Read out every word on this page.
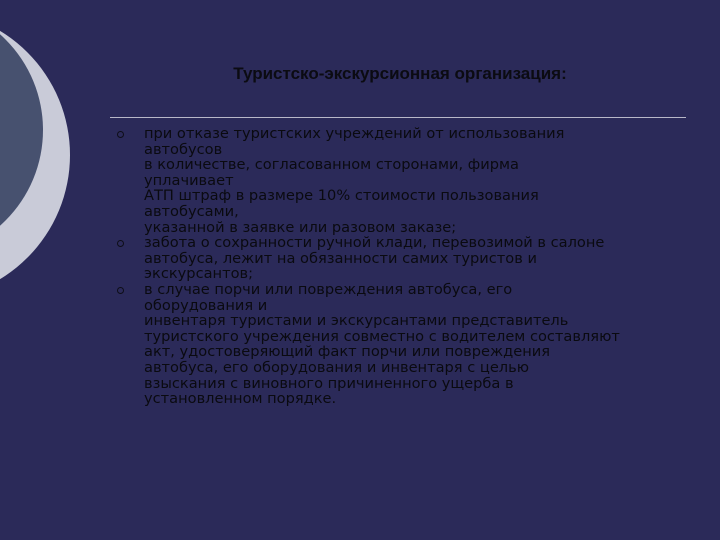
Туристско-экскурсионная организация:
при отказе туристских учреждений от использования
автобусов
в количестве, согласованном сторонами, фирма
уплачивает
АТП штраф в размере 10% стоимости пользования
автобусами,
указанной в заявке или разовом заказе;
забота о сохранности ручной клади, перевозимой в салоне
автобуса, лежит на обязанности самих туристов и
экскурсантов;
в случае порчи или повреждения автобуса, его
оборудования и
инвентаря туристами и экскурсантами представитель
туристского учреждения совместно с водителем составляют
акт, удостоверяющий факт порчи или повреждения
автобуса, его оборудования и инвентаря с целью
взыскания с виновного причиненного ущерба в
установленном порядке.
